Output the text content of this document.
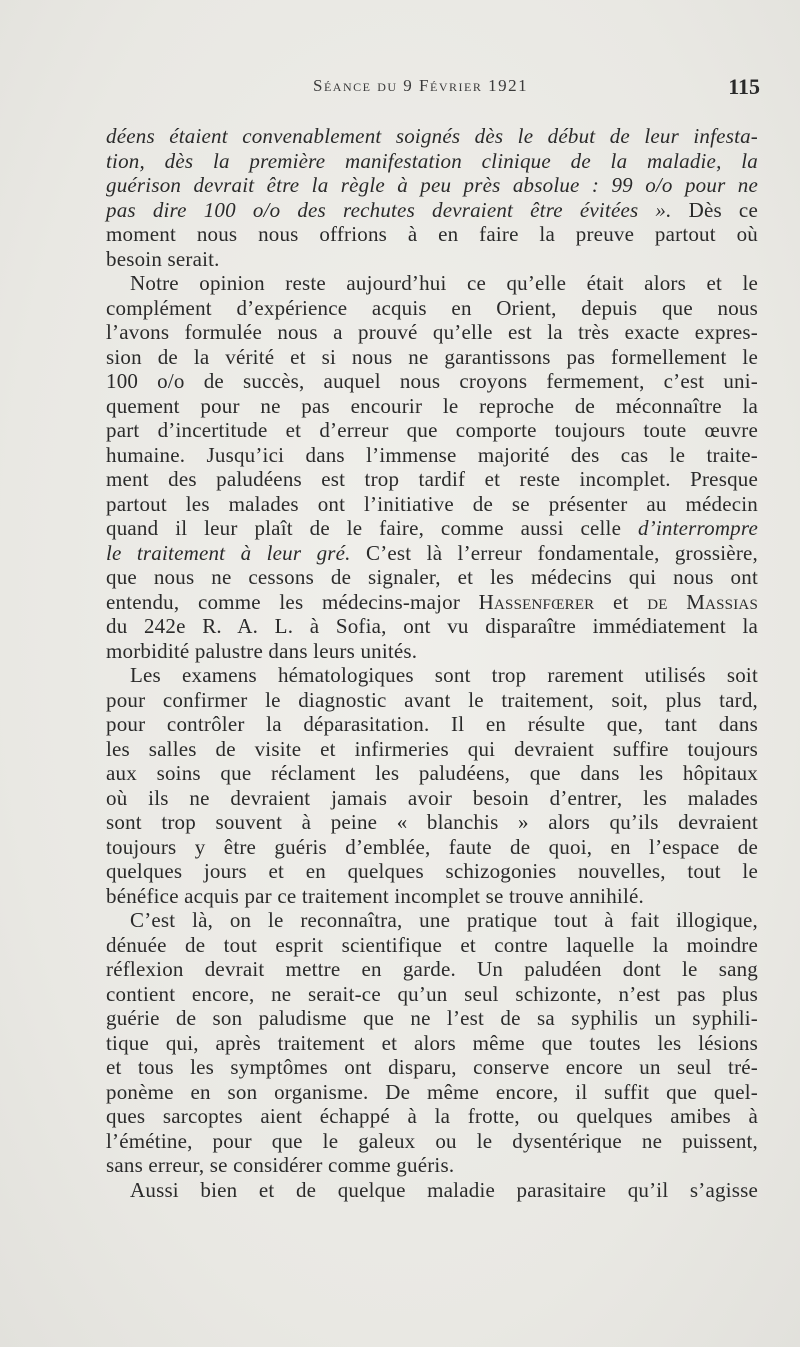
Séance du 9 Février 1921	115
déens étaient convenablement soignés dès le début de leur infesta-
tion, dès la première manifestation clinique de la maladie, la
guérison devrait être la règle à peu près absolue : 99 o/o pour ne
pas dire 100 o/o des rechutes devraient être évitées ». Dès ce
moment nous nous offrions à en faire la preuve partout où
besoin serait.
Notre opinion reste aujourd’hui ce qu’elle était alors et le
complément d’expérience acquis en Orient, depuis que nous
l’avons formulée nous a prouvé qu’elle est la très exacte expres-
sion de la vérité et si nous ne garantissons pas formellement le
100 o/o de succès, auquel nous croyons fermement, c’est uni-
quement pour ne pas encourir le reproche de méconnaître la
part d’incertitude et d’erreur que comporte toujours toute œuvre
humaine. Jusqu’ici dans l’immense majorité des cas le traite-
ment des paludéens est trop tardif et reste incomplet. Presque
partout les malades ont l’initiative de se présenter au médecin
quand il leur plaît de le faire, comme aussi celle d’interrompre
le traitement à leur gré. C’est là l’erreur fondamentale, grossière,
que nous ne cessons de signaler, et les médecins qui nous ont
entendu, comme les médecins-major Hassenfœrer et de Massias
du 242e R. A. L. à Sofia, ont vu disparaître immédiatement la
morbidité palustre dans leurs unités.
Les examens hématologiques sont trop rarement utilisés soit
pour confirmer le diagnostic avant le traitement, soit, plus tard,
pour contrôler la déparasitation. Il en résulte que, tant dans
les salles de visite et infirmeries qui devraient suffire toujours
aux soins que réclament les paludéens, que dans les hôpitaux
où ils ne devraient jamais avoir besoin d’entrer, les malades
sont trop souvent à peine « blanchis » alors qu’ils devraient
toujours y être guéris d’emblée, faute de quoi, en l’espace de
quelques jours et en quelques schizogonies nouvelles, tout le
bénéfice acquis par ce traitement incomplet se trouve annihilé.
C’est là, on le reconnaîtra, une pratique tout à fait illogique,
dénuée de tout esprit scientifique et contre laquelle la moindre
réflexion devrait mettre en garde. Un paludéen dont le sang
contient encore, ne serait-ce qu’un seul schizonte, n’est pas plus
guérie de son paludisme que ne l’est de sa syphilis un syphili-
tique qui, après traitement et alors même que toutes les lésions
et tous les symptômes ont disparu, conserve encore un seul tré-
ponème en son organisme. De même encore, il suffit que quel-
ques sarcoptes aient échappé à la frotte, ou quelques amibes à
l’émétine, pour que le galeux ou le dysentérique ne puissent,
sans erreur, se considérer comme guéris.
Aussi bien et de quelque maladie parasitaire qu’il s’agisse
